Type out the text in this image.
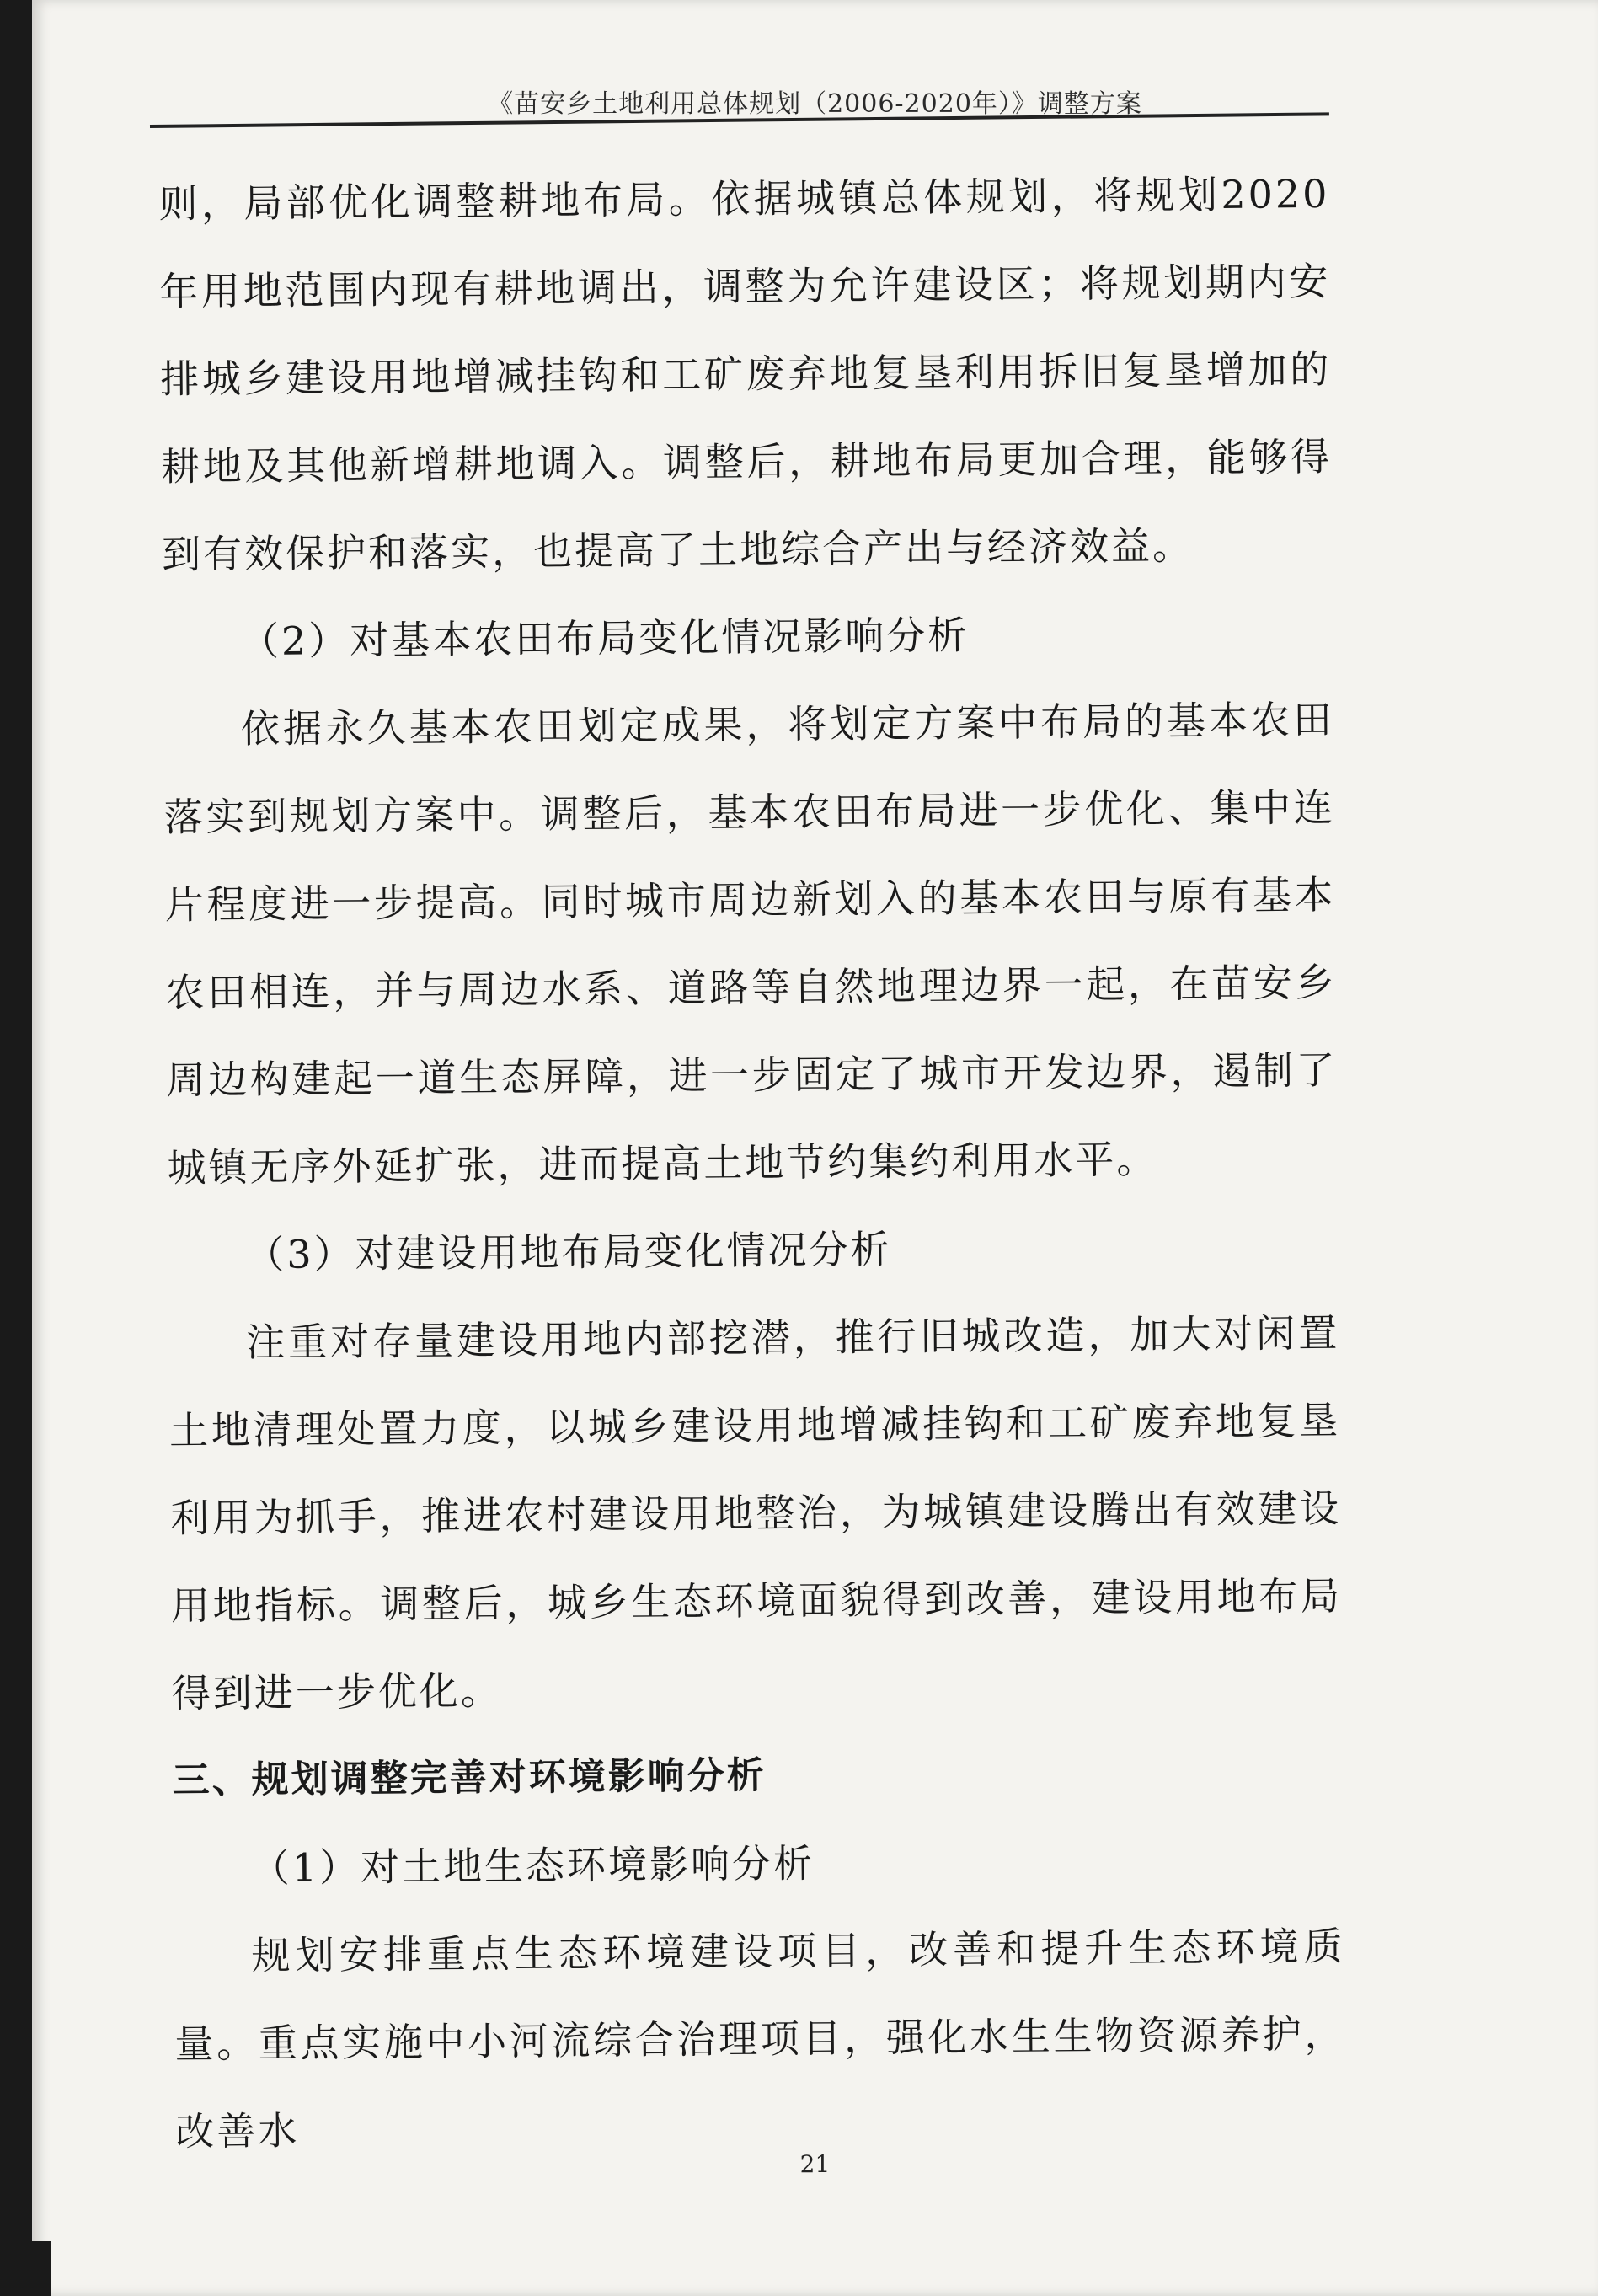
《苗安乡土地利用总体规划（2006-2020年）》调整方案

则，局部优化调整耕地布局。依据城镇总体规划，将规划2020年用地范围内现有耕地调出，调整为允许建设区；将规划期内安排城乡建设用地增减挂钩和工矿废弃地复垦利用拆旧复垦增加的耕地及其他新增耕地调入。调整后，耕地布局更加合理，能够得到有效保护和落实，也提高了土地综合产出与经济效益。

（2）对基本农田布局变化情况影响分析

依据永久基本农田划定成果，将划定方案中布局的基本农田落实到规划方案中。调整后，基本农田布局进一步优化、集中连片程度进一步提高。同时城市周边新划入的基本农田与原有基本农田相连，并与周边水系、道路等自然地理边界一起，在苗安乡周边构建起一道生态屏障，进一步固定了城市开发边界，遏制了城镇无序外延扩张，进而提高土地节约集约利用水平。

（3）对建设用地布局变化情况分析

注重对存量建设用地内部挖潜，推行旧城改造，加大对闲置土地清理处置力度，以城乡建设用地增减挂钩和工矿废弃地复垦利用为抓手，推进农村建设用地整治，为城镇建设腾出有效建设用地指标。调整后，城乡生态环境面貌得到改善，建设用地布局得到进一步优化。

三、规划调整完善对环境影响分析

（1）对土地生态环境影响分析

规划安排重点生态环境建设项目，改善和提升生态环境质量。重点实施中小河流综合治理项目，强化水生生物资源养护，改善水

21
